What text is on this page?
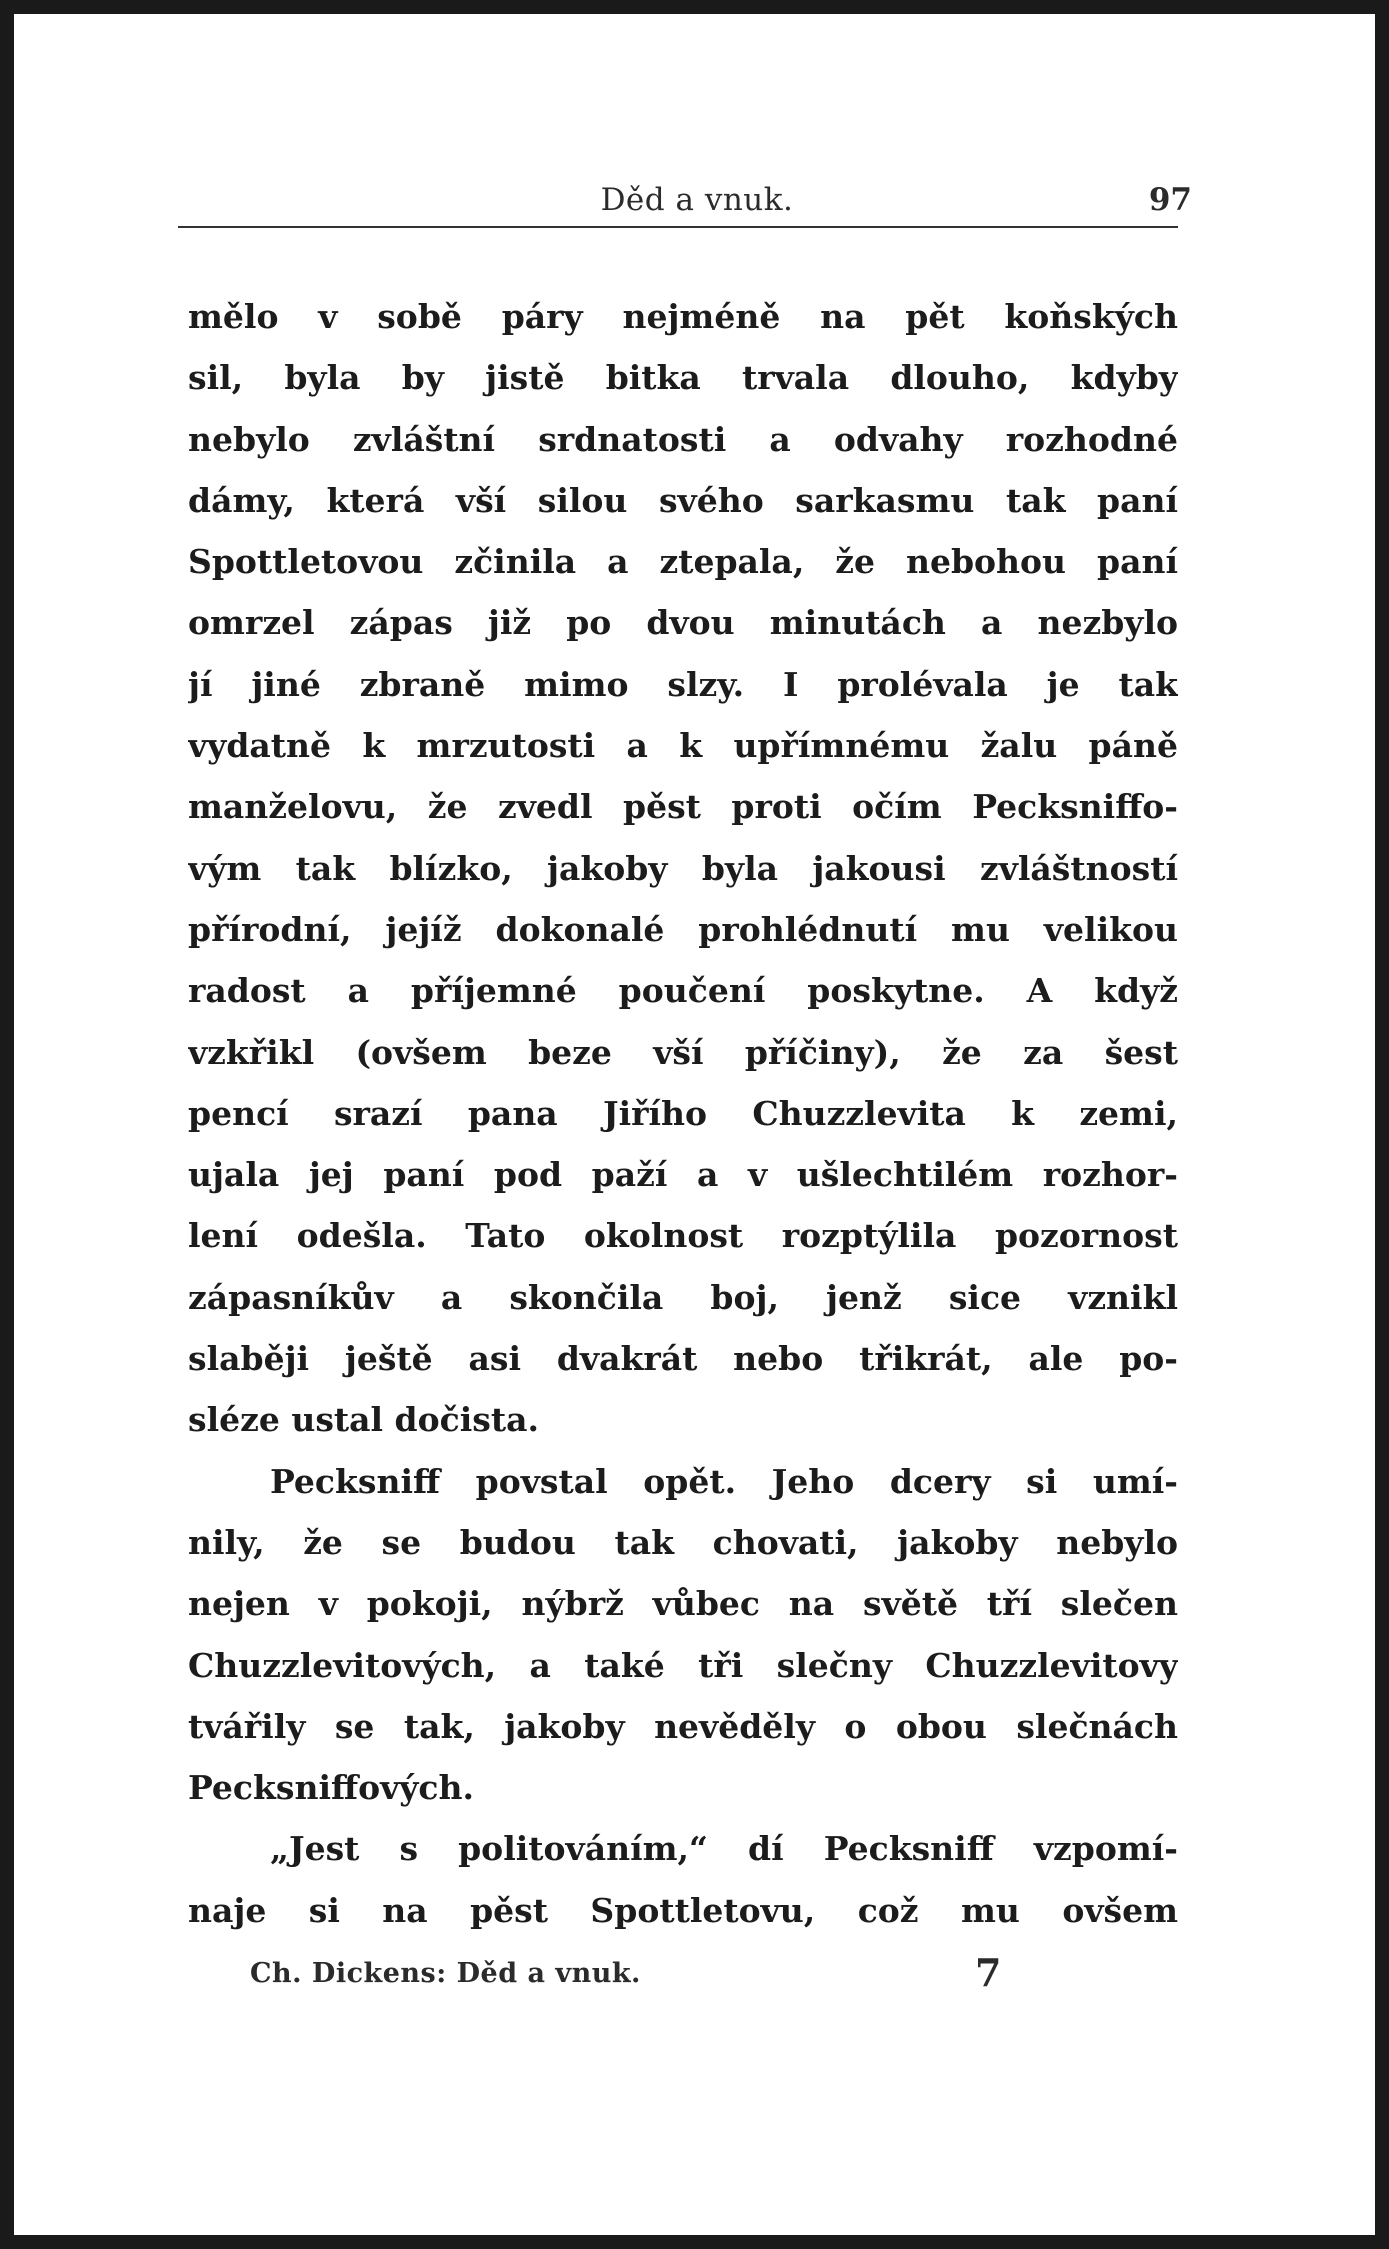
Děd a vnuk.	97
mělo v sobě páry nejméně na pět koňských
sil, byla by jistě bitka trvala dlouho, kdyby
nebylo zvláštní srdnatosti a odvahy rozhodné
dámy, která vší silou svého sarkasmu tak paní
Spottletovou zčinila a ztepala, že nebohou paní
omrzel zápas již po dvou minutách a nezbylo
jí jiné zbraně mimo slzy. I prolévala je tak
vydatně k mrzutosti a k upřímnému žalu páně
manželovu, že zvedl pěst proti očím Pecksniffo-
vým tak blízko, jakoby byla jakousi zvláštností
přírodní, jejíž dokonalé prohlédnutí mu velikou
radost a příjemné poučení poskytne. A když
vzkřikl (ovšem beze vší příčiny), že za šest
pencí srazí pana Jiřího Chuzzlevita k zemi,
ujala jej paní pod paží a v ušlechtilém rozhor-
lení odešla. Tato okolnost rozptýlila pozornost
zápasníkův a skončila boj, jenž sice vznikl
slaběji ještě asi dvakrát nebo třikrát, ale po-
sléze ustal dočista.
Pecksniff povstal opět. Jeho dcery si umí-
nily, že se budou tak chovati, jakoby nebylo
nejen v pokoji, nýbrž vůbec na světě tří slečen
Chuzzlevitových, a také tři slečny Chuzzlevitovy
tvářily se tak, jakoby nevěděly o obou slečnách
Pecksniffových.
„Jest s politováním,“ dí Pecksniff vzpomí-
naje si na pěst Spottletovu, což mu ovšem
Ch. Dickens: Děd a vnuk.	7
